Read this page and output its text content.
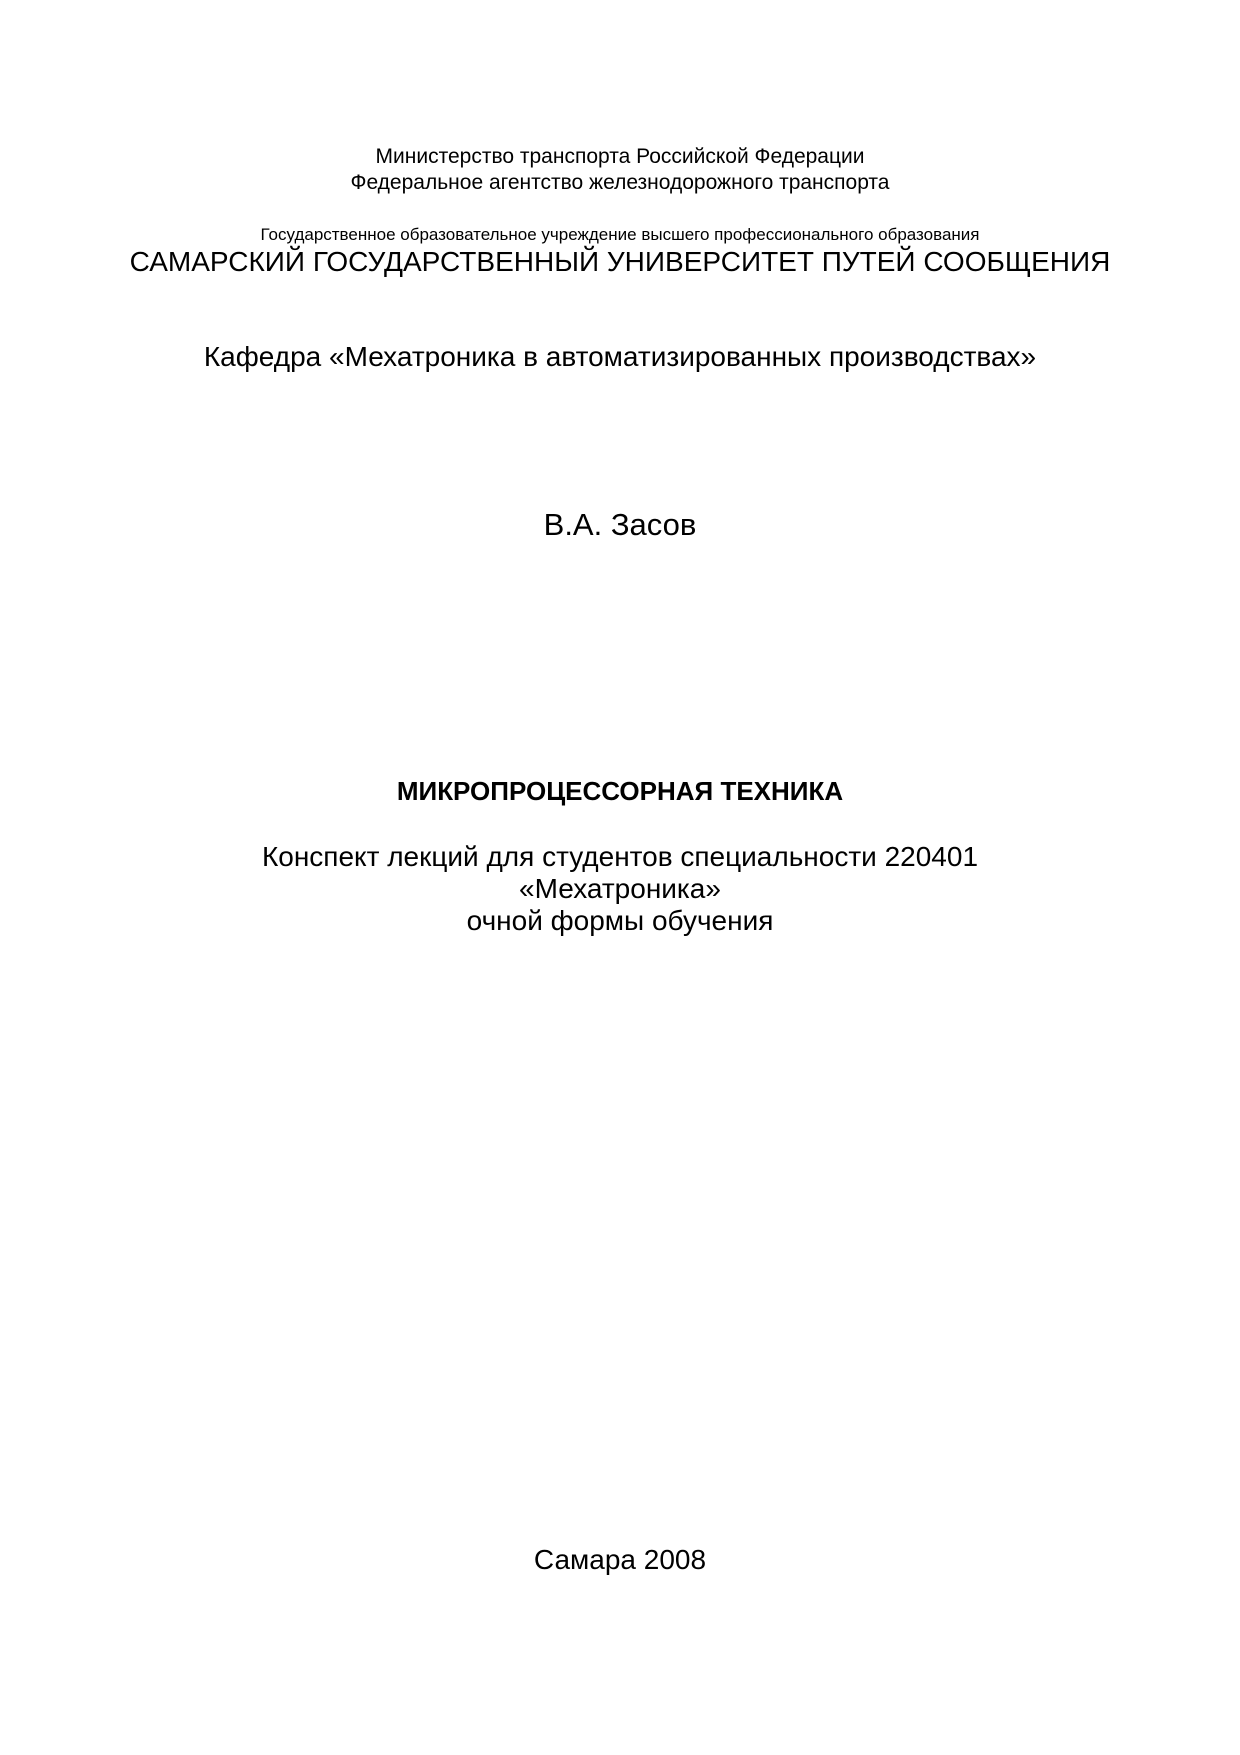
Министерство транспорта Российской Федерации
Федеральное агентство железнодорожного транспорта
Государственное образовательное учреждение высшего профессионального образования
САМАРСКИЙ ГОСУДАРСТВЕННЫЙ УНИВЕРСИТЕТ ПУТЕЙ СООБЩЕНИЯ
Кафедра «Мехатроника в автоматизированных производствах»
В.А. Засов
МИКРОПРОЦЕССОРНАЯ ТЕХНИКА
Конспект лекций для студентов специальности 220401
«Мехатроника»
очной формы обучения
Самара 2008
